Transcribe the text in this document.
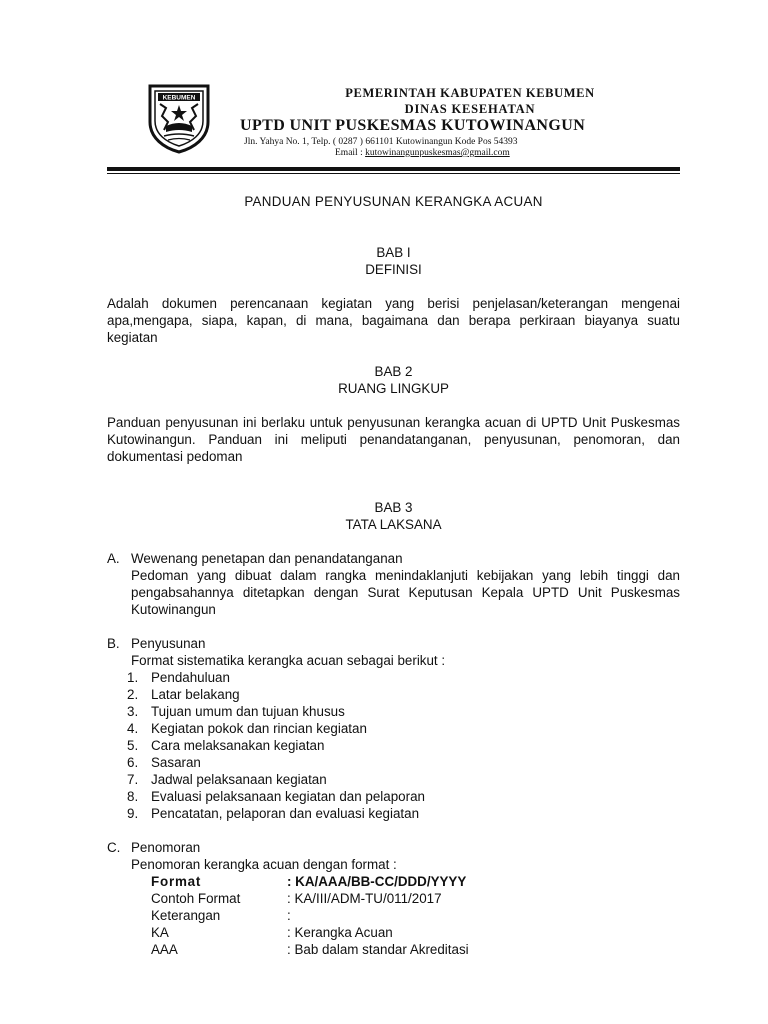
KEBUMEN	PEMERINTAH KABUPATEN KEBUMEN
DINAS KESEHATAN
UPTD UNIT PUSKESMAS KUTOWINANGUN
Jln. Yahya No. 1, Telp. ( 0287 ) 661101 Kutowinangun Kode Pos 54393
Email : kutowinangunpuskesmas@gmail.com
PANDUAN PENYUSUNAN KERANGKA ACUAN
BAB I
DEFINISI

Adalah dokumen perencanaan kegiatan yang berisi penjelasan/keterangan mengenai apa,mengapa, siapa, kapan, di mana, bagaimana dan berapa perkiraan biayanya suatu kegiatan

BAB 2
RUANG LINGKUP

Panduan penyusunan ini berlaku untuk penyusunan kerangka acuan di UPTD Unit Puskesmas Kutowinangun. Panduan ini meliputi penandatanganan, penyusunan, penomoran, dan dokumentasi pedoman

BAB 3
TATA LAKSANA
A. Wewenang penetapan dan penandatanganan
Pedoman yang dibuat dalam rangka menindaklanjuti kebijakan yang lebih tinggi dan pengabsahannya ditetapkan dengan Surat Keputusan Kepala UPTD Unit Puskesmas Kutowinangun
B. Penyusunan
Format sistematika kerangka acuan sebagai berikut :
1. Pendahuluan
2. Latar belakang
3. Tujuan umum dan tujuan khusus
4. Kegiatan pokok dan rincian kegiatan
5. Cara melaksanakan kegiatan
6. Sasaran
7. Jadwal pelaksanaan kegiatan
8. Evaluasi pelaksanaan kegiatan dan pelaporan
9. Pencatatan, pelaporan dan evaluasi kegiatan
C. Penomoran
Penomoran kerangka acuan dengan format :
Format	: KA/AAA/BB-CC/DDD/YYYY
Contoh Format	: KA/III/ADM-TU/011/2017
Keterangan	:
KA	: Kerangka Acuan
AAA	: Bab dalam standar Akreditasi
